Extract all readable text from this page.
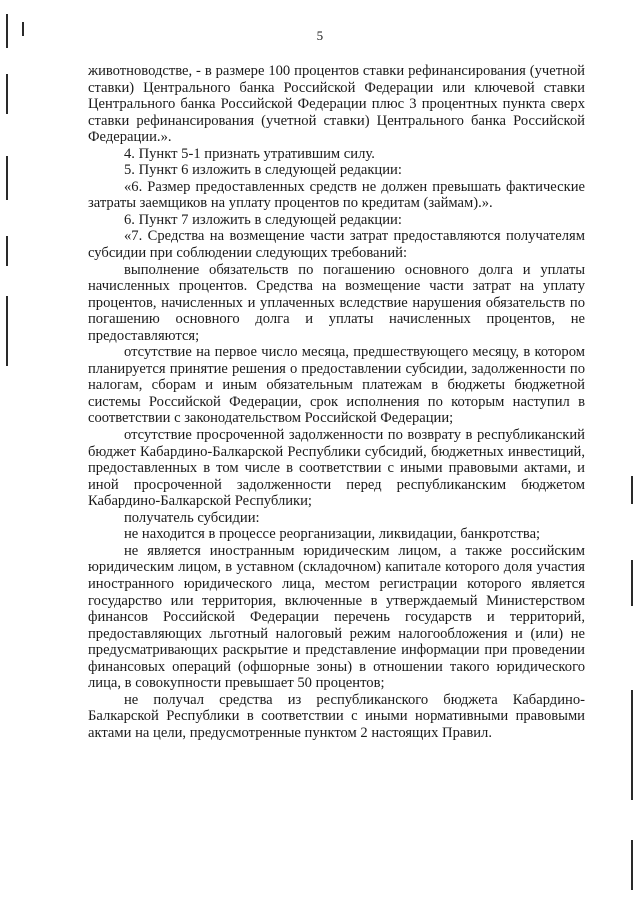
5

животноводстве, - в размере 100 процентов ставки рефинансирования (учетной ставки) Центрального банка Российской Федерации или ключевой ставки Центрального банка Российской Федерации плюс 3 процентных пункта сверх ставки рефинансирования (учетной ставки) Центрального банка Российской Федерации.».

4. Пункт 5-1 признать утратившим силу.

5. Пункт 6 изложить в следующей редакции:

«6. Размер предоставленных средств не должен превышать фактические затраты заемщиков на уплату процентов по кредитам (займам).».

6. Пункт 7 изложить в следующей редакции:

«7. Средства на возмещение части затрат предоставляются получателям субсидии при соблюдении следующих требований:

выполнение обязательств по погашению основного долга и уплаты начисленных процентов. Средства на возмещение части затрат на уплату процентов, начисленных и уплаченных вследствие нарушения обязательств по погашению основного долга и уплаты начисленных процентов, не предоставляются;

отсутствие на первое число месяца, предшествующего месяцу, в котором планируется принятие решения о предоставлении субсидии, задолженности по налогам, сборам и иным обязательным платежам в бюджеты бюджетной системы Российской Федерации, срок исполнения по которым наступил в соответствии с законодательством Российской Федерации;

отсутствие просроченной задолженности по возврату в республиканский бюджет Кабардино-Балкарской Республики субсидий, бюджетных инвестиций, предоставленных в том числе в соответствии с иными правовыми актами, и иной просроченной задолженности перед республиканским бюджетом Кабардино-Балкарской Республики;

получатель субсидии:

не находится в процессе реорганизации, ликвидации, банкротства;

не является иностранным юридическим лицом, а также российским юридическим лицом, в уставном (складочном) капитале которого доля участия иностранного юридического лица, местом регистрации которого является государство или территория, включенные в утверждаемый Министерством финансов Российской Федерации перечень государств и территорий, предоставляющих льготный налоговый режим налогообложения и (или) не предусматривающих раскрытие и представление информации при проведении финансовых операций (офшорные зоны) в отношении такого юридического лица, в совокупности превышает 50 процентов;

не получал средства из республиканского бюджета Кабардино-Балкарской Республики в соответствии с иными нормативными правовыми актами на цели, предусмотренные пунктом 2 настоящих Правил.
